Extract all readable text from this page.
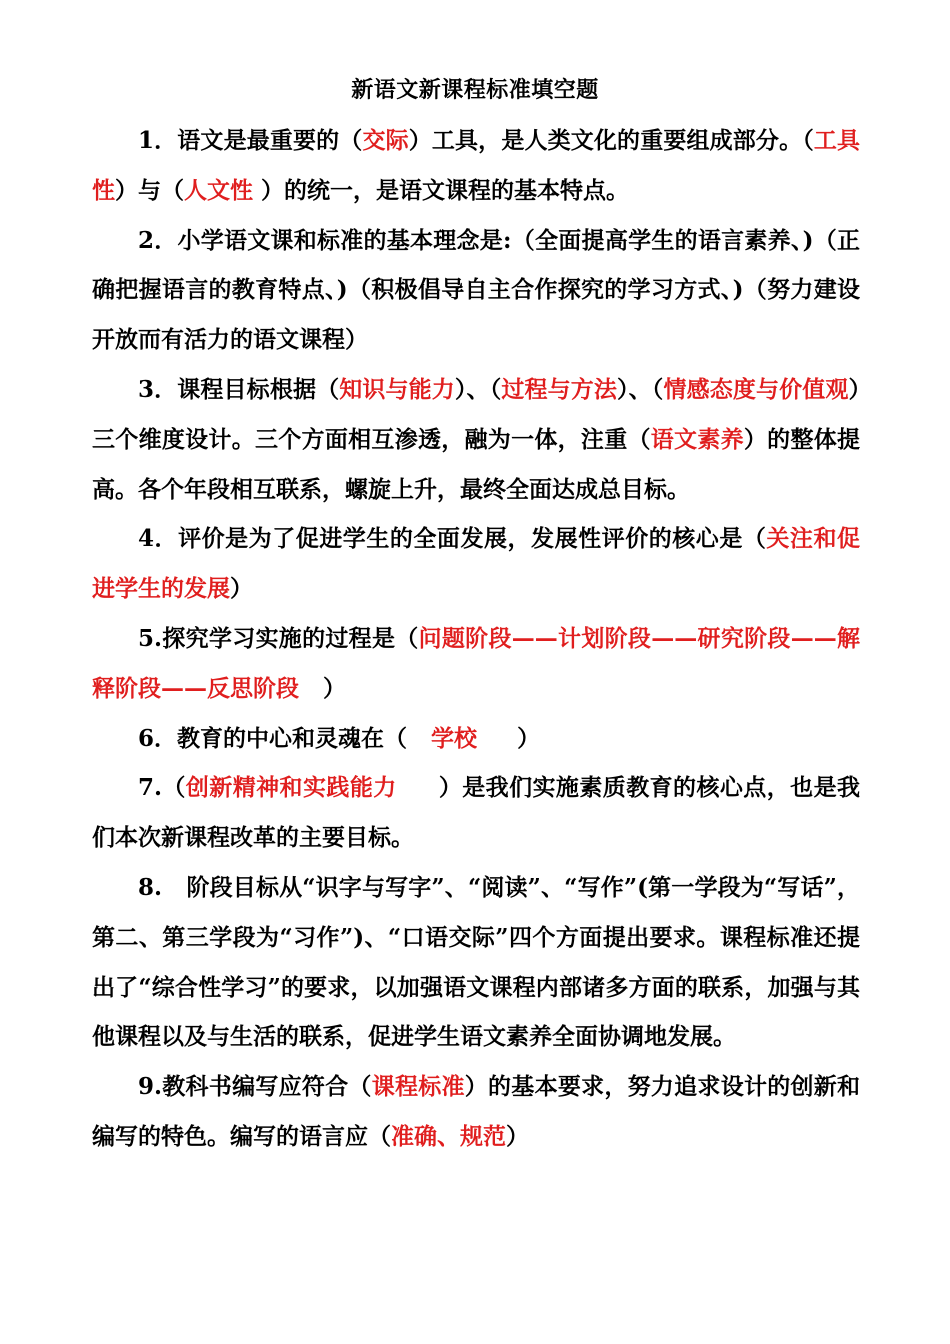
新语文新课程标准填空题

1．语文是最重要的（交际）工具，是人类文化的重要组成部分。（工具性）与（人文性 ）的统一，是语文课程的基本特点。

2．小学语文课和标准的基本理念是:（全面提高学生的语言素养、)（正确把握语言的教育特点、)（积极倡导自主合作探究的学习方式、)（努力建设开放而有活力的语文课程）

3．课程目标根据（知识与能力）、（过程与方法）、（情感态度与价值观）三个维度设计。三个方面相互渗透，融为一体，注重（语文素养）的整体提高。各个年段相互联系，螺旋上升，最终全面达成总目标。

4．评价是为了促进学生的全面发展，发展性评价的核心是（关注和促进学生的发展）

5.探究学习实施的过程是（问题阶段——计划阶段——研究阶段——解释阶段——反思阶段   ）

6．教育的中心和灵魂在（   学校     ）

7.（创新精神和实践能力     ）是我们实施素质教育的核心点，也是我们本次新课程改革的主要目标。

8.   阶段目标从“识字与写字”、“阅读”、“写作”(第一学段为“写话”，第二、第三学段为“习作”)、“口语交际”四个方面提出要求。课程标准还提出了“综合性学习”的要求，以加强语文课程内部诸多方面的联系，加强与其他课程以及与生活的联系，促进学生语文素养全面协调地发展。

9.教科书编写应符合（课程标准）的基本要求，努力追求设计的创新和编写的特色。编写的语言应（准确、规范）
